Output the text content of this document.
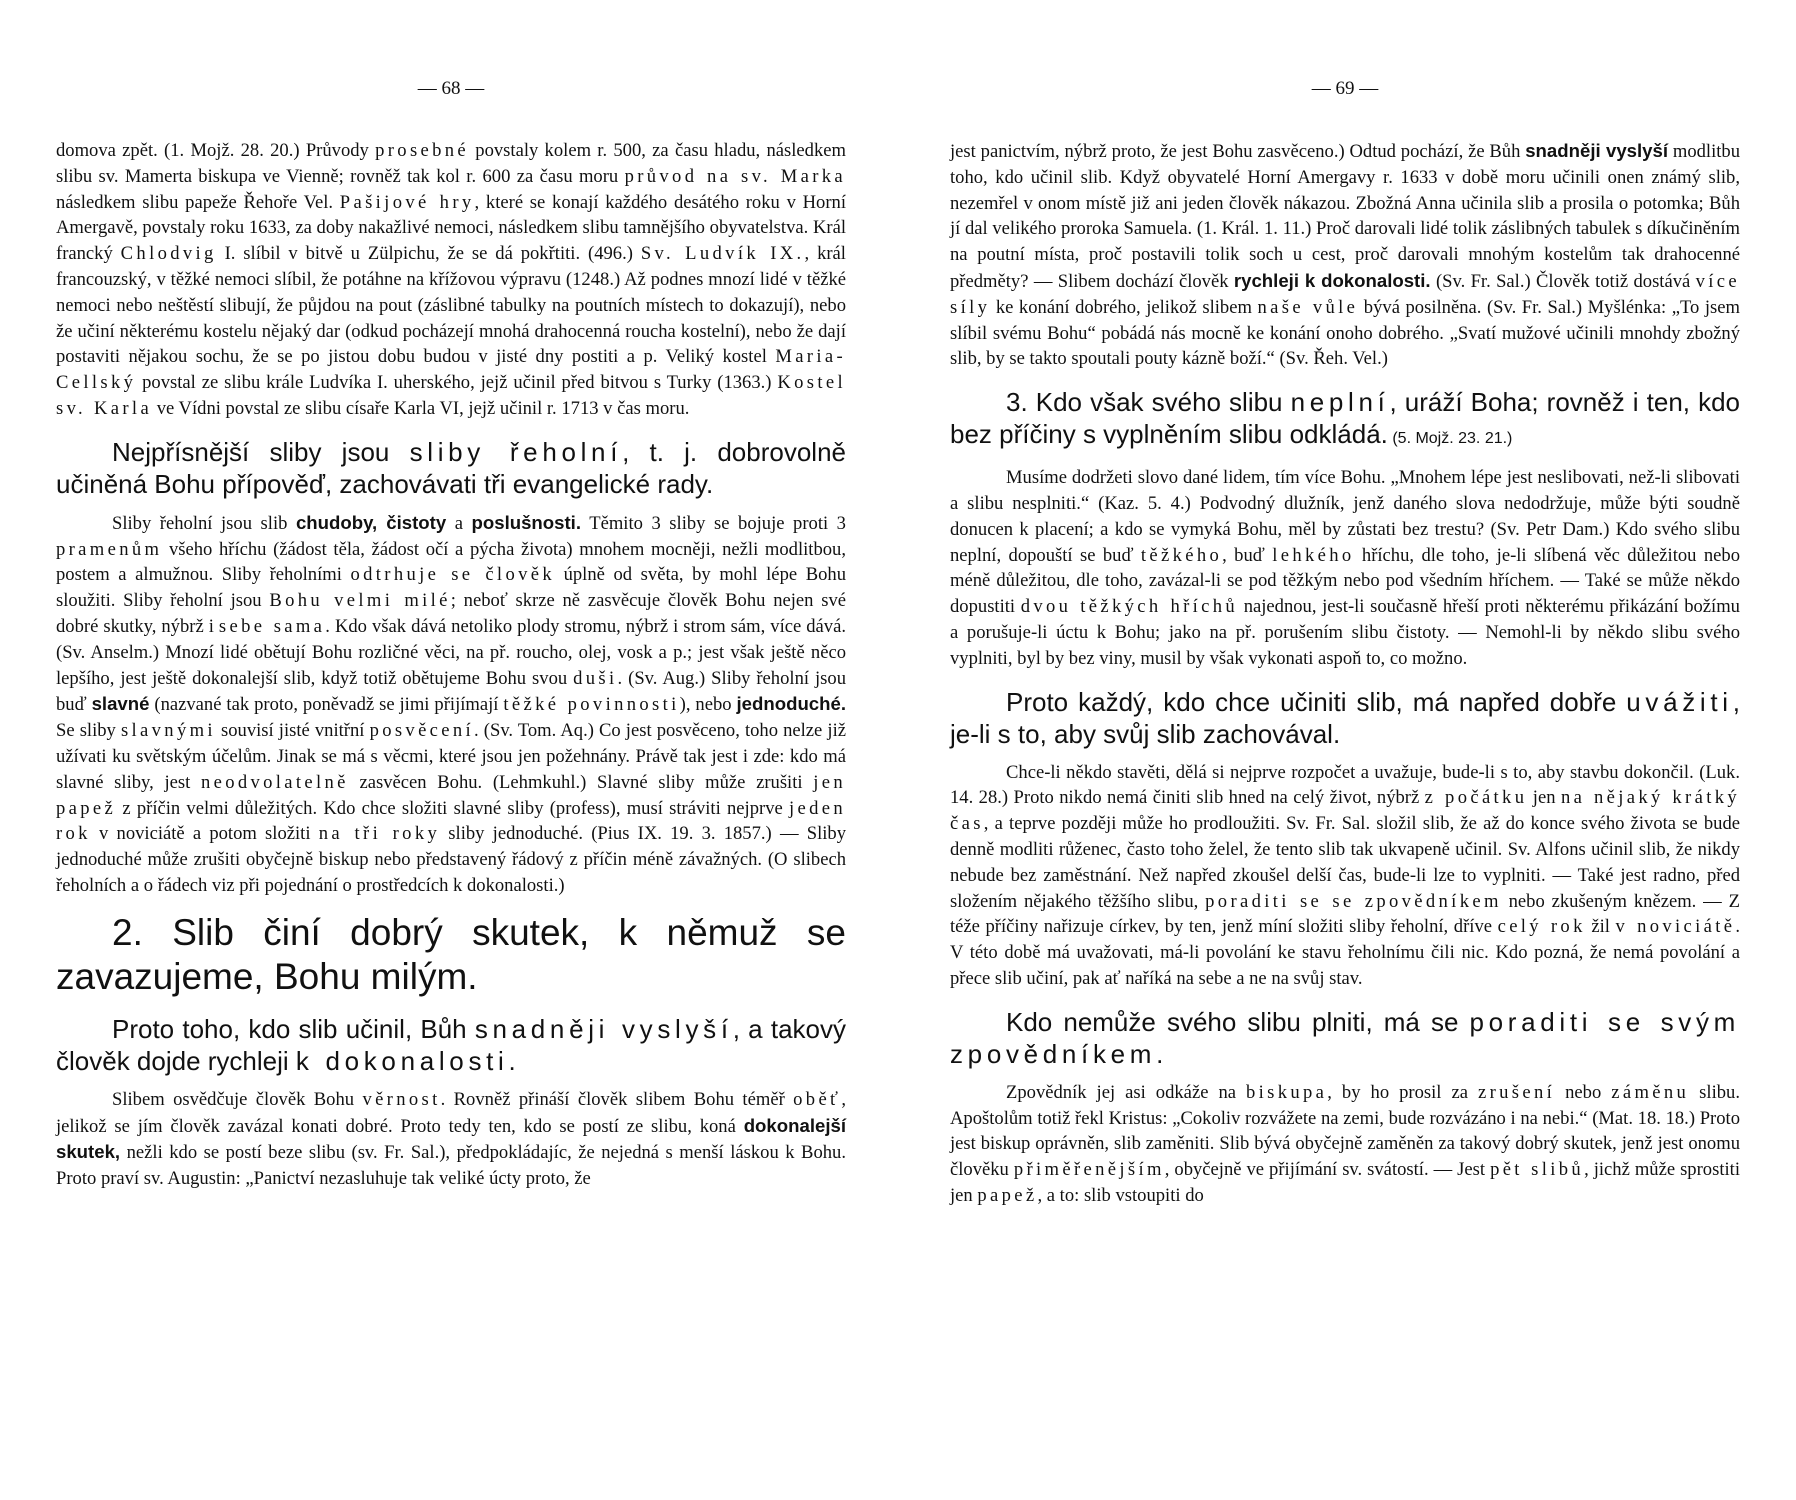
— 68 —

domova zpět. (1. Mojž. 28. 20.) Průvody prosebné povstaly kolem r. 500, za času hladu, následkem slibu sv. Mamerta biskupa ve Vienně; rovněž tak kol r. 600 za času moru průvod na sv. Marka následkem slibu papeže Řehoře Vel. Pašijové hry, které se konají každého desátého roku v Horní Amergavě, povstaly roku 1633, za doby nakažlivé nemoci, následkem slibu tamnějšího obyvatelstva. Král francký Chlodvig I. slíbil v bitvě u Zülpichu, že se dá pokřtiti. (496.) Sv. Ludvík IX., král francouzský, v těžké nemoci slíbil, že potáhne na křížovou výpravu (1248.) Až podnes mnozí lidé v těžké nemoci nebo neštěstí slibují, že půjdou na pout (záslibné tabulky na poutních místech to dokazují), nebo že učiní některému kostelu nějaký dar (odkud pocházejí mnohá drahocenná roucha kostelní), nebo že dají postaviti nějakou sochu, že se po jistou dobu budou v jisté dny postiti a p. Veliký kostel Maria-Cellský povstal ze slibu krále Ludvíka I. uherského, jejž učinil před bitvou s Turky (1363.) Kostel sv. Karla ve Vídni povstal ze slibu císaře Karla VI, jejž učinil r. 1713 v čas moru.

Nejpřísnější sliby jsou sliby řeholní, t. j. dobrovolně učiněná Bohu přípověď, zachovávati tři evangelické rady.

Sliby řeholní jsou slib chudoby, čistoty a poslušnosti. Těmito 3 sliby se bojuje proti 3 pramenům všeho hříchu (žádost těla, žádost očí a pýcha života) mnohem mocněji, nežli modlitbou, postem a almužnou. Sliby řeholními odtrhuje se člověk úplně od světa, by mohl lépe Bohu sloužiti. Sliby řeholní jsou Bohu velmi milé; neboť skrze ně zasvěcuje člověk Bohu nejen své dobré skutky, nýbrž i sebe sama. Kdo však dává netoliko plody stromu, nýbrž i strom sám, více dává. (Sv. Anselm.) Mnozí lidé obětují Bohu rozličné věci, na př. roucho, olej, vosk a p.; jest však ještě něco lepšího, jest ještě dokonalejší slib, když totiž obětujeme Bohu svou duši. (Sv. Aug.) Sliby řeholní jsou buď slavné (nazvané tak proto, poněvadž se jimi přijímají těžké povinnosti), nebo jednoduché. Se sliby slavnými souvisí jisté vnitřní posvěcení. (Sv. Tom. Aq.) Co jest posvěceno, toho nelze již užívati ku světským účelům. Jinak se má s věcmi, které jsou jen požehnány. Právě tak jest i zde: kdo má slavné sliby, jest neodvolatelně zasvěcen Bohu. (Lehmkuhl.) Slavné sliby může zrušiti jen papež z příčin velmi důležitých. Kdo chce složiti slavné sliby (profess), musí stráviti nejprve jeden rok v noviciátě a potom složiti na tři roky sliby jednoduché. (Pius IX. 19. 3. 1857.) — Sliby jednoduché může zrušiti obyčejně biskup nebo představený řádový z příčin méně závažných. (O slibech řeholních a o řádech viz při pojednání o prostředcích k dokonalosti.)

2. Slib činí dobrý skutek, k němuž se zavazujeme, Bohu milým.
Proto toho, kdo slib učinil, Bůh snadněji vyslyší, a takový člověk dojde rychleji k dokonalosti.

Slibem osvědčuje člověk Bohu věrnost. Rovněž přináší člověk slibem Bohu téměř oběť, jelikož se jím člověk zavázal konati dobré. Proto tedy ten, kdo se postí ze slibu, koná dokonalejší skutek, nežli kdo se postí beze slibu (sv. Fr. Sal.), předpokládajíc, že nejedná s menší láskou k Bohu. Proto praví sv. Augustin: „Panictví nezasluhuje tak veliké úcty proto, že

— 69 —

jest panictvím, nýbrž proto, že jest Bohu zasvěceno.) Odtud pochází, že Bůh snadněji vyslyší modlitbu toho, kdo učinil slib. Když obyvatelé Horní Amergavy r. 1633 v době moru učinili onen známý slib, nezemřel v onom místě již ani jeden člověk nákazou. Zbožná Anna učinila slib a prosila o potomka; Bůh jí dal velikého proroka Samuela. (1. Král. 1. 11.) Proč darovali lidé tolik záslibných tabulek s díkučiněním na poutní místa, proč postavili tolik soch u cest, proč darovali mnohým kostelům tak drahocenné předměty? — Slibem dochází člověk rychleji k dokonalosti. (Sv. Fr. Sal.) Člověk totiž dostává více síly ke konání dobrého, jelikož slibem naše vůle bývá posilněna. (Sv. Fr. Sal.) Myšlénka: „To jsem slíbil svému Bohu“ pobádá nás mocně ke konání onoho dobrého. „Svatí mužové učinili mnohdy zbožný slib, by se takto spoutali pouty kázně boží.“ (Sv. Řeh. Vel.)

3. Kdo však svého slibu neplní, uráží Boha; rovněž i ten, kdo bez příčiny s vyplněním slibu odkládá. (5. Mojž. 23. 21.)

Musíme dodržeti slovo dané lidem, tím více Bohu. „Mnohem lépe jest neslibovati, než-li slibovati a slibu nesplniti.“ (Kaz. 5. 4.) Podvodný dlužník, jenž daného slova nedodržuje, může býti soudně donucen k placení; a kdo se vymyká Bohu, měl by zůstati bez trestu? (Sv. Petr Dam.) Kdo svého slibu neplní, dopouští se buď těžkého, buď lehkého hříchu, dle toho, je-li slíbená věc důležitou nebo méně důležitou, dle toho, zavázal-li se pod těžkým nebo pod všedním hříchem. — Také se může někdo dopustiti dvou těžkých hříchů najednou, jest-li současně hřeší proti některému přikázání božímu a porušuje-li úctu k Bohu; jako na př. porušením slibu čistoty. — Nemohl-li by někdo slibu svého vyplniti, byl by bez viny, musil by však vykonati aspoň to, co možno.

Proto každý, kdo chce učiniti slib, má napřed dobře uvážiti, je-li s to, aby svůj slib zachovával.

Chce-li někdo stavěti, dělá si nejprve rozpočet a uvažuje, bude-li s to, aby stavbu dokončil. (Luk. 14. 28.) Proto nikdo nemá činiti slib hned na celý život, nýbrž z počátku jen na nějaký krátký čas, a teprve později může ho prodloužiti. Sv. Fr. Sal. složil slib, že až do konce svého života se bude denně modliti růženec, často toho želel, že tento slib tak ukvapeně učinil. Sv. Alfons učinil slib, že nikdy nebude bez zaměstnání. Než napřed zkoušel delší čas, bude-li lze to vyplniti. — Také jest radno, před složením nějakého těžšího slibu, poraditi se se zpovědníkem nebo zkušeným knězem. — Z téže příčiny nařizuje církev, by ten, jenž míní složiti sliby řeholní, dříve celý rok žil v noviciátě. V této době má uvažovati, má-li povolání ke stavu řeholnímu čili nic. Kdo pozná, že nemá povolání a přece slib učiní, pak ať naříká na sebe a ne na svůj stav.

Kdo nemůže svého slibu plniti, má se poraditi se svým zpovědníkem.

Zpovědník jej asi odkáže na biskupa, by ho prosil za zrušení nebo záměnu slibu. Apoštolům totiž řekl Kristus: „Cokoliv rozvážete na zemi, bude rozvázáno i na nebi.“ (Mat. 18. 18.) Proto jest biskup oprávněn, slib zaměniti. Slib bývá obyčejně zaměněn za takový dobrý skutek, jenž jest onomu člověku přiměřenějším, obyčejně ve přijímání sv. svátostí. — Jest pět slibů, jichž může sprostiti jen papež, a to: slib vstoupiti do
